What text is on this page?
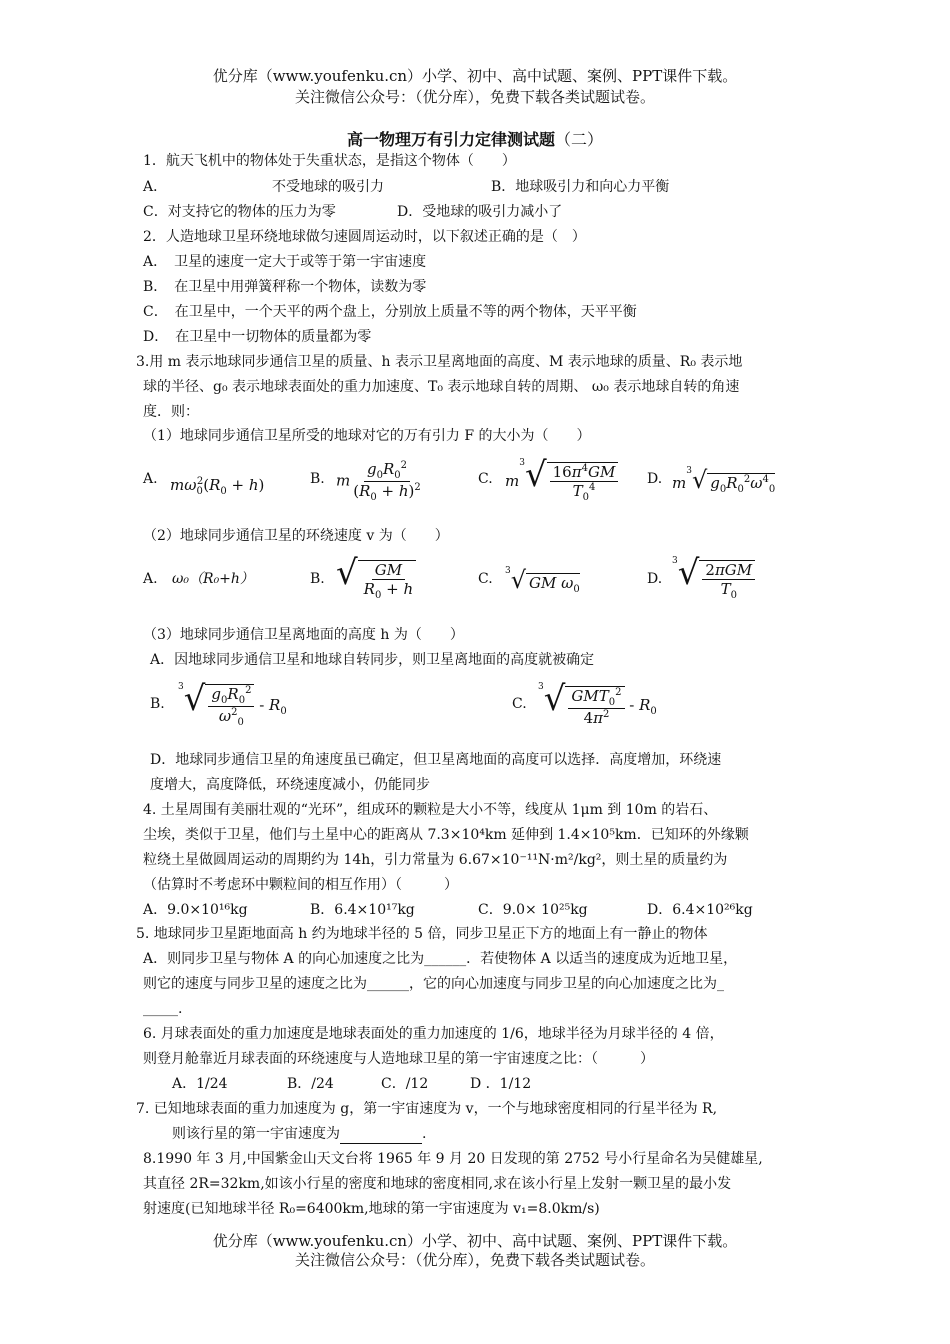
优分库（www.youfenku.cn）小学、初中、高中试题、案例、PPT课件下载。
关注微信公众号：（优分库），免费下载各类试题试卷。
高一物理万有引力定律测试题（二）
1．航天飞机中的物体处于失重状态，是指这个物体（　　）
A．	不受地球的吸引力	B．地球吸引力和向心力平衡
C．对支持它的物体的压力为零	D．受地球的吸引力减小了
2．人造地球卫星环绕地球做匀速圆周运动时，以下叙述正确的是（　）
A．　卫星的速度一定大于或等于第一宇宙速度
B．　在卫星中用弹簧秤称一个物体，读数为零
C．　在卫星中，一个天平的两个盘上，分别放上质量不等的两个物体，天平平衡
D．　在卫星中一切物体的质量都为零
3.用 m 表示地球同步通信卫星的质量、h 表示卫星离地面的高度、M 表示地球的质量、R₀ 表示地
球的半径、g₀ 表示地球表面处的重力加速度、T₀ 表示地球自转的周期、 ω₀ 表示地球自转的角速
度．则：
（1）地球同步通信卫星所受的地球对它的万有引力 F 的大小为（　　）
A. $m\omega_0^2(R_0 + h)$	B. m $\frac{g_0R_0^2}{(R_0 + h)^2}$	C. $m^3√ \frac{16\pi^4GM}{T_0^4} D$. $m^3√$ $g_0R_0^2\omega^4_0$
（2）地球同步通信卫星的环绕速度 v 为（　　）
A. ω₀（R₀+h）	B. √ $\frac{GM}{R_0 + h}$	C. $^3$√ GM $\omega_0$
D.
$^3√ \frac{\text{2πGM}}{T_0}$
（3）地球同步通信卫星离地面的高度 h 为（　　）
A．因地球同步通信卫星和地球自转同步，则卫星离地面的高度就被确定
B.
$^3√ \frac{g_0R_0^2}{\omega^2_0} - R_0$	C.
$^3√ \frac{GMT_0^2}{4\pi^2} - R_0$
D．地球同步通信卫星的角速度虽已确定，但卫星离地面的高度可以选择．高度增加，环绕速
度增大，高度降低，环绕速度减小，仍能同步
4. 土星周围有美丽壮观的“光环”，组成环的颗粒是大小不等，线度从 1μm 到 10m 的岩石、
尘埃，类似于卫星，他们与土星中心的距离从 7.3×10⁴km 延伸到 1.4×10⁵km．已知环的外缘颗
粒绕土星做圆周运动的周期约为 14h，引力常量为 6.67×10⁻¹¹N·m²/kg²，则土星的质量约为
（估算时不考虑环中颗粒间的相互作用）（　　　）
A．9.0×10¹⁶kg	B．6.4×10¹⁷kg	C．9.0× 10²⁵kg	D．6.4×10²⁶kg
5. 地球同步卫星距地面高 h 约为地球半径的 5 倍，同步卫星正下方的地面上有一静止的物体
A．则同步卫星与物体 A 的向心加速度之比为______．若使物体 A 以适当的速度成为近地卫星，
则它的速度与同步卫星的速度之比为______，它的向心加速度与同步卫星的向心加速度之比为_
_____.
6. 月球表面处的重力加速度是地球表面处的重力加速度的 1/6，地球半径为月球半径的 4 倍，
则登月舱靠近月球表面的环绕速度与人造地球卫星的第一宇宙速度之比：（　　　）
A．1/24	B．/24	C．/12	D ．1/12
7. 已知地球表面的重力加速度为 g，第一宇宙速度为 v，一个与地球密度相同的行星半径为 R,
则该行星的第一宇宙速度为	.
8.1990 年 3 月,中国紫金山天文台将 1965 年 9 月 20 日发现的第 2752 号小行星命名为吴健雄星,
其直径 2R=32km,如该小行星的密度和地球的密度相同,求在该小行星上发射一颗卫星的最小发
射速度(已知地球半径 R₀=6400km,地球的第一宇宙速度为 v₁=8.0km/s)
优分库（www.youfenku.cn）小学、初中、高中试题、案例、PPT课件下载。
关注微信公众号：（优分库），免费下载各类试题试卷。
